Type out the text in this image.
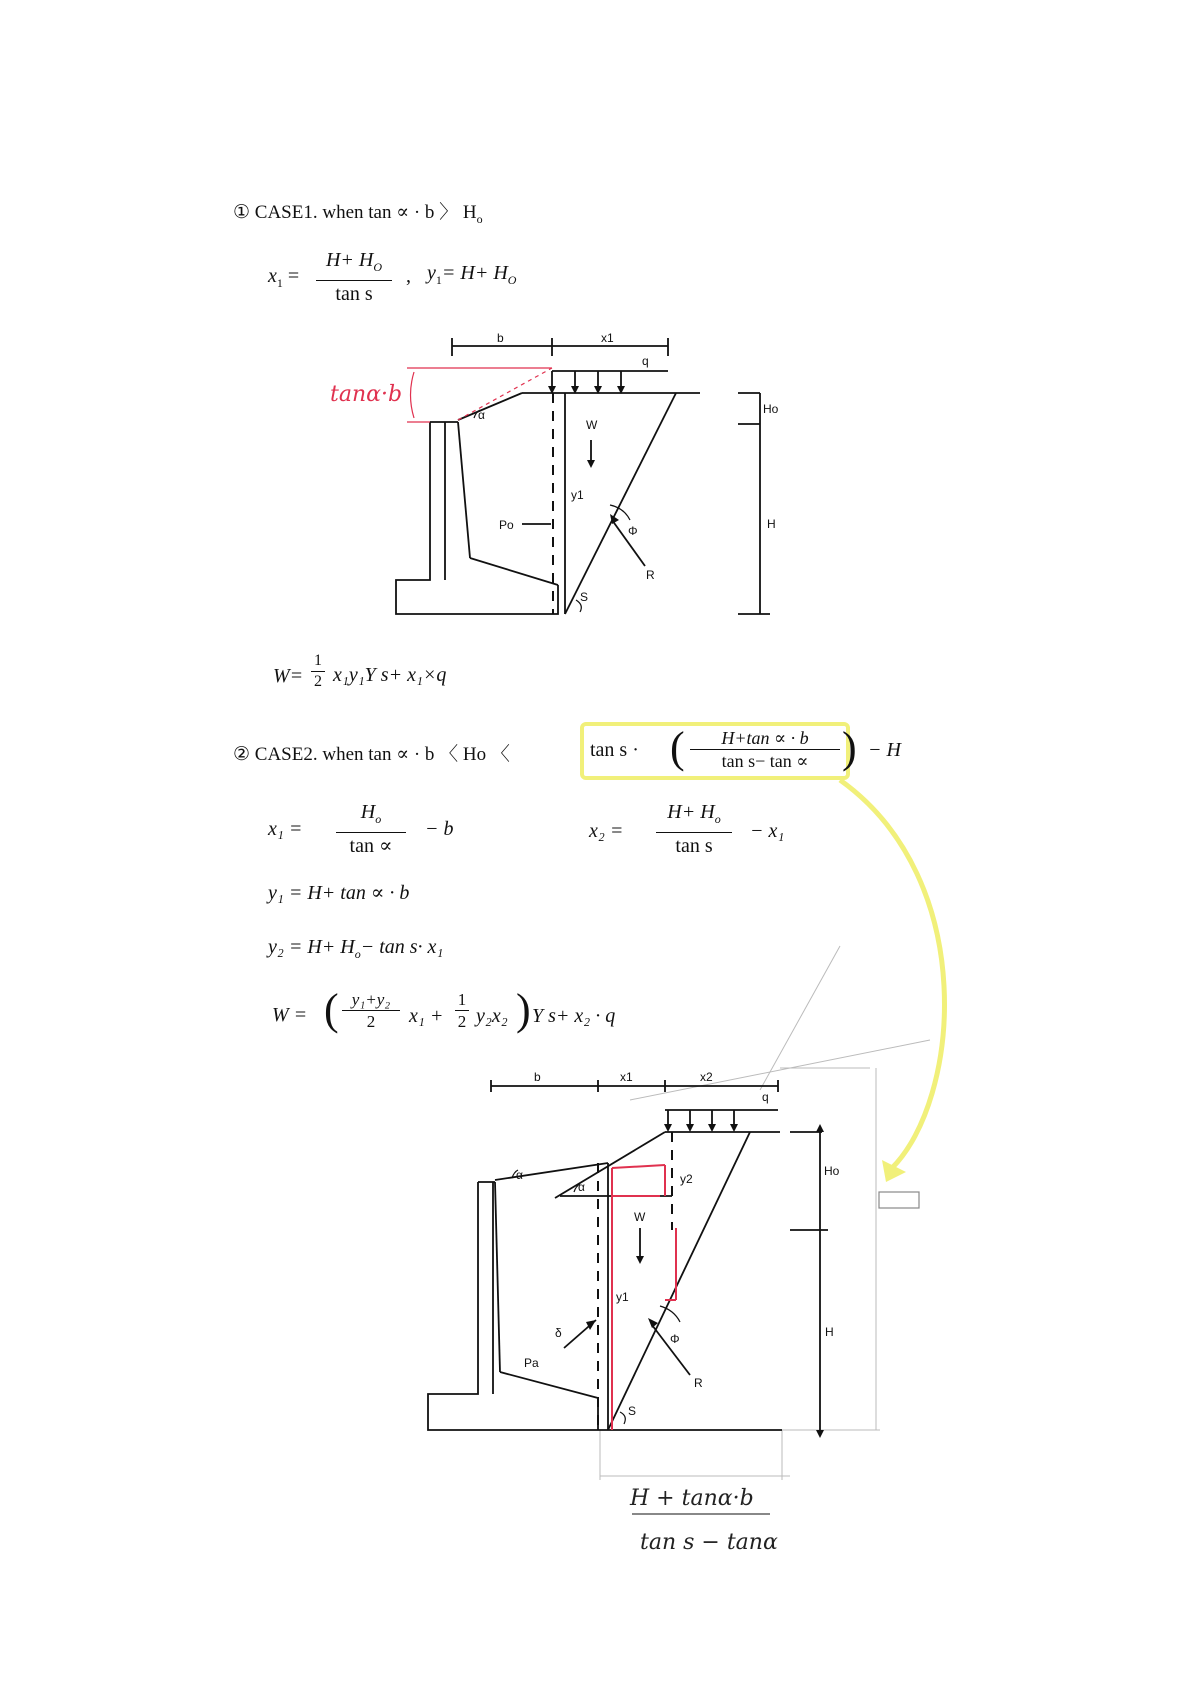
① CASE1. when tan ∝ · b 〉 $H_o$
$x_1$ =
$H+ H_O$
tan s
, $y_1= H+ H_O$
tanα·b
b	x1
q
Ho
W
y1
Po	Φ
R
H
S
α
W=
1
2 x₁y₁Υ s+ x₁×q
② CASE2. when tan ∝ · b 〈 Ho 〈	tan s · (	H+tan ∝ · b
tan s− tan ∝ ) − H
x₁ =
$H_o$
tan ∝
− b	x₂ =
$H+ H_o$
tan s
− x₁
y₁ = H+ tan ∝ · b
$y_2 = H+ H_o- \tan s\cdot x_1$
W = ( y₁+y₂
2	x₁ +
1
2 y₂x₂ ) Υ s+ x₂ · q
b	x1	x2
q
Ho
W
y1
y2
Pa
δ	Φ
R
H
S
α
α
H + tanα·b
tan s − tanα
